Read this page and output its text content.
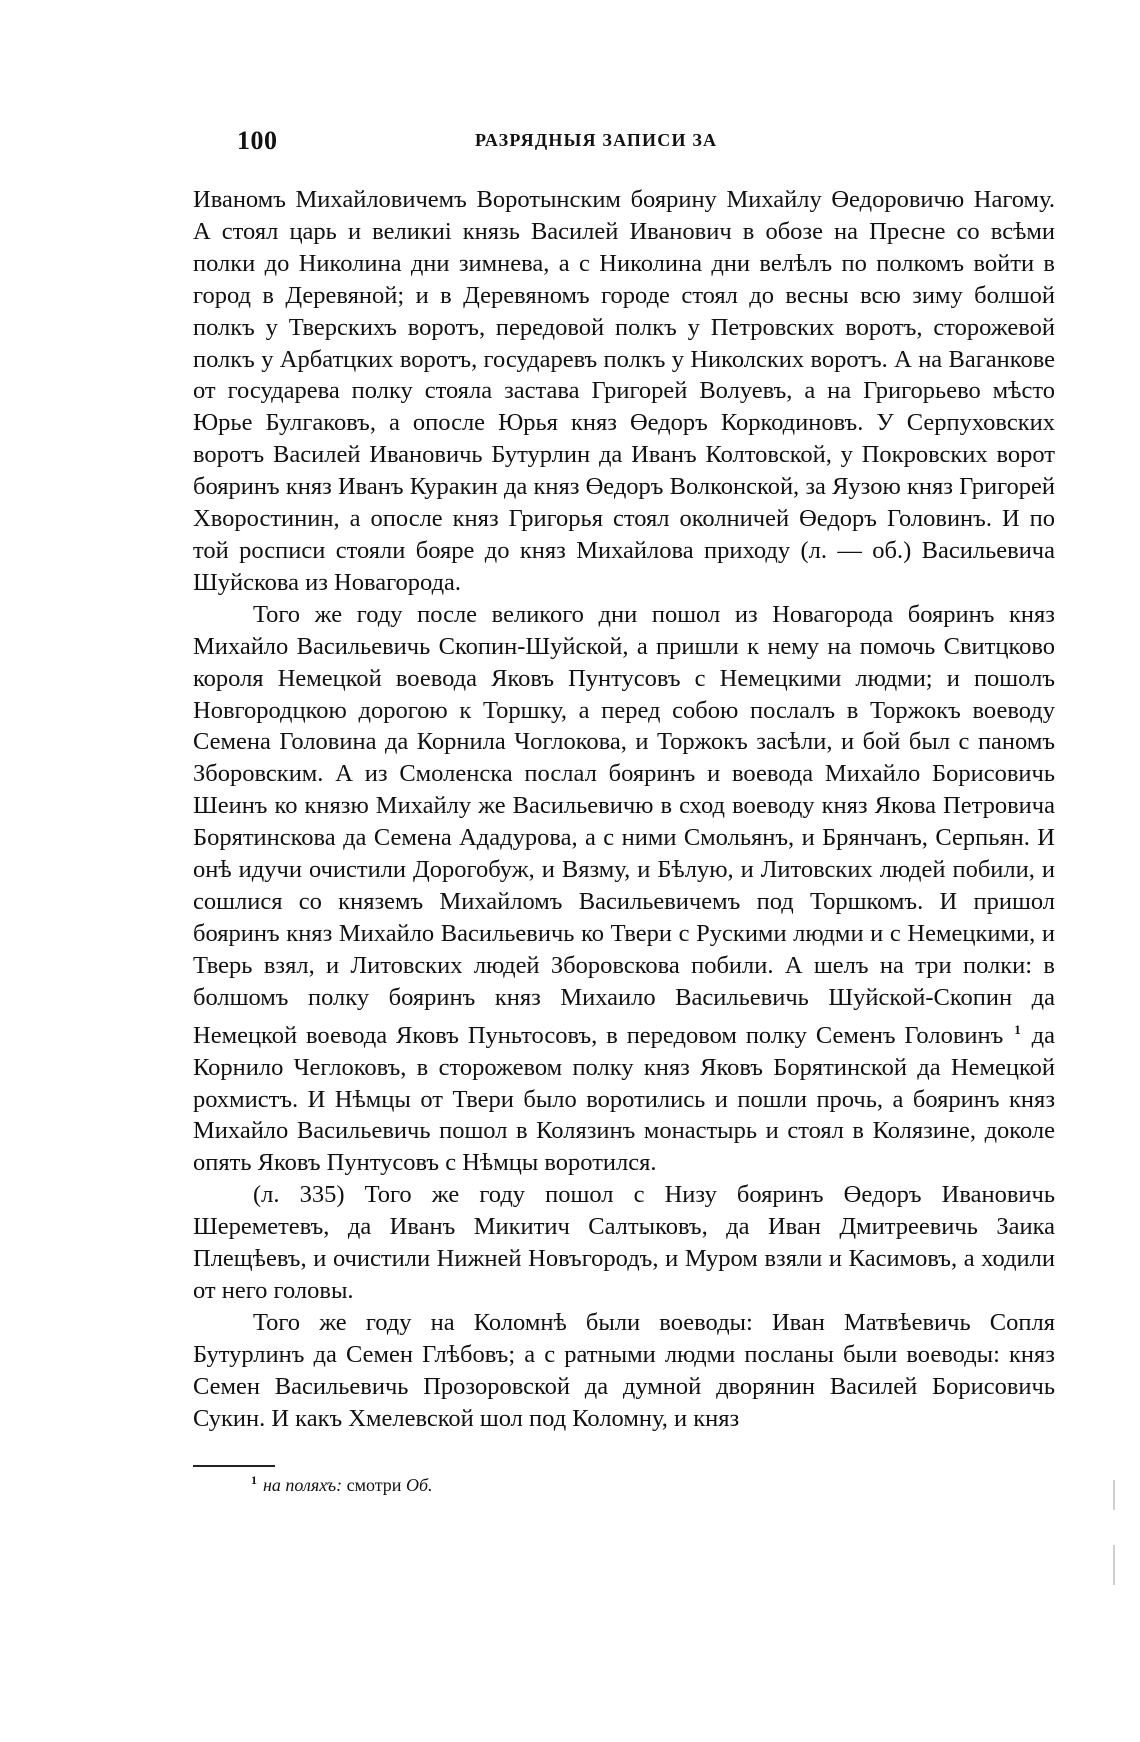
100	РАЗРЯДНЫЯ ЗАПИСИ ЗА

Иваномъ Михайловичемъ Воротынским боярину Михайлу Өедоровичю Нагому. А стоял царь и великиі князь Василей Иванович в обозе на Пресне со всѣми полки до Николина дни зимнева, а с Николина дни велѣлъ по полкомъ войти в город в Деревяной; и в Деревяномъ городе стоял до весны всю зиму болшой полкъ у Тверскихъ воротъ, передовой полкъ у Петровских воротъ, сторожевой полкъ у Арбатцких воротъ, государевъ полкъ у Николских воротъ. А на Ваганкове от государева полку стояла застава Григорей Волуевъ, а на Григорьево мѣсто Юрье Булгаковъ, а опосле Юрья княз Өедоръ Коркодиновъ. У Серпуховских воротъ Василей Ивановичь Бутурлин да Иванъ Колтовской, у Покровских ворот бояринъ княз Иванъ Куракин да княз Өедоръ Волконской, за Яузою княз Григорей Хворостинин, а опосле княз Григорья стоял околничей Өедоръ Головинъ. И по той росписи стояли бояре до княз Михайлова приходу (л. — об.) Васильевича Шуйскова из Новагорода.

Того же году после великого дни пошол из Новагорода бояринъ княз Михайло Васильевичь Скопин-Шуйской, а пришли к нему на помочь Свитцково короля Немецкой воевода Яковъ Пунтусовъ с Немецкими людми; и пошолъ Новгородцкою дорогою к Торшку, а перед собою послалъ в Торжокъ воеводу Семена Головина да Корнила Чоглокова, и Торжокъ засѣли, и бой был с паномъ Зборовским. А из Смоленска послал бояринъ и воевода Михайло Борисовичь Шеинъ ко князю Михайлу же Васильевичю в сход воеводу княз Якова Петровича Борятинскова да Семена Ададурова, а с ними Смольянъ, и Брянчанъ, Серпьян. И онѣ идучи очистили Дорогобуж, и Вязму, и Бѣлую, и Литовских людей побили, и сошлися со княземъ Михайломъ Васильевичемъ под Торшкомъ. И пришол бояринъ княз Михайло Васильевичь ко Твери с Рускими людми и с Немецкими, и Тверь взял, и Литовских людей Зборовскова побили. А шелъ на три полки: в болшомъ полку бояринъ княз Михаило Васильевичь Шуйской-Скопин да Немецкой воевода Яковъ Пуньтосовъ, в передовом полку Семенъ Головинъ $^1$ да Корнило Чеглоковъ, в сторожевом полку княз Яковъ Борятинской да Немецкой рохмистъ. И Нѣмцы от Твери было воротились и пошли прочь, а бояринъ княз Михайло Васильевичь пошол в Колязинъ монастырь и стоял в Колязине, доколе опять Яковъ Пунтусовъ с Нѣмцы воротился.

(л. 335) Того же году пошол с Низу бояринъ Өедоръ Ивановичь Шереметевъ, да Иванъ Микитич Салтыковъ, да Иван Дмитреевичь Заика Плещѣевъ, и очистили Нижней Новъгородъ, и Муром взяли и Касимовъ, а ходили от него головы.

Того же году на Коломнѣ были воеводы: Иван Матвѣевичь Сопля Бутурлинъ да Семен Глѣбовъ; а с ратными людми посланы были воеводы: княз Семен Васильевичь Прозоровской да думной дворянин Василей Борисовичь Сукин. И какъ Хмелевской шол под Коломну, и княз

$^1$ на поляхъ: смотри Об.
